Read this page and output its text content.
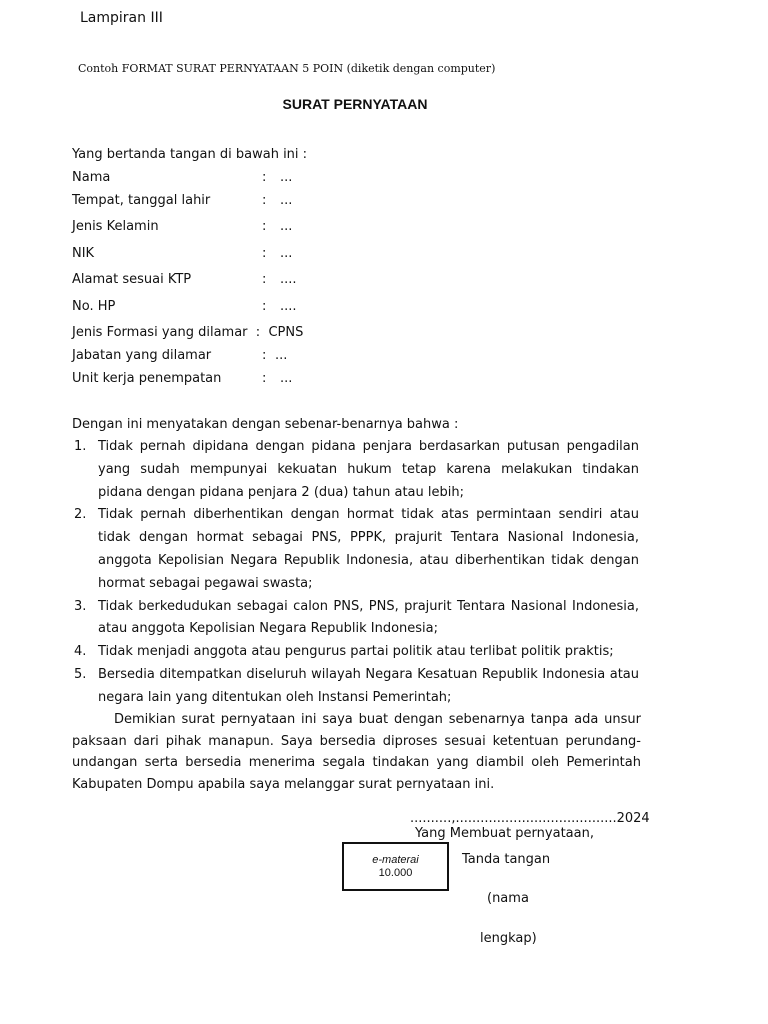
Lampiran III
Contoh FORMAT SURAT PERNYATAAN 5 POIN (diketik dengan computer)
SURAT PERNYATAAN
Yang bertanda tangan di bawah ini :
Nama	: ...
Tempat, tanggal lahir	: ...
Jenis Kelamin	: ...
NIK	: ...
Alamat sesuai KTP	: ....
No. HP	: ....
Jenis Formasi yang dilamar : CPNS
Jabatan yang dilamar	: ...
Unit kerja penempatan	: ...
Dengan ini menyatakan dengan sebenar-benarnya bahwa :
1. Tidak pernah dipidana dengan pidana penjara berdasarkan putusan pengadilan yang sudah mempunyai kekuatan hukum tetap karena melakukan tindakan pidana dengan pidana penjara 2 (dua) tahun atau lebih;
2. Tidak pernah diberhentikan dengan hormat tidak atas permintaan sendiri atau tidak dengan hormat sebagai PNS, PPPK, prajurit Tentara Nasional Indonesia, anggota Kepolisian Negara Republik Indonesia, atau diberhentikan tidak dengan hormat sebagai pegawai swasta;
3. Tidak berkedudukan sebagai calon PNS, PNS, prajurit Tentara Nasional Indonesia, atau anggota Kepolisian Negara Republik Indonesia;
4. Tidak menjadi anggota atau pengurus partai politik atau terlibat politik praktis;
5. Bersedia ditempatkan diseluruh wilayah Negara Kesatuan Republik Indonesia atau negara lain yang ditentukan oleh Instansi Pemerintah;
Demikian surat pernyataan ini saya buat dengan sebenarnya tanpa ada unsur paksaan dari pihak manapun. Saya bersedia diproses sesuai ketentuan perundang- undangan serta bersedia menerima segala tindakan yang diambil oleh Pemerintah Kabupaten Dompu apabila saya melanggar surat pernyataan ini.
..........,.......................................2024
Yang Membuat pernyataan,
e-materai
10.000
Tanda tangan
(nama
lengkap)
